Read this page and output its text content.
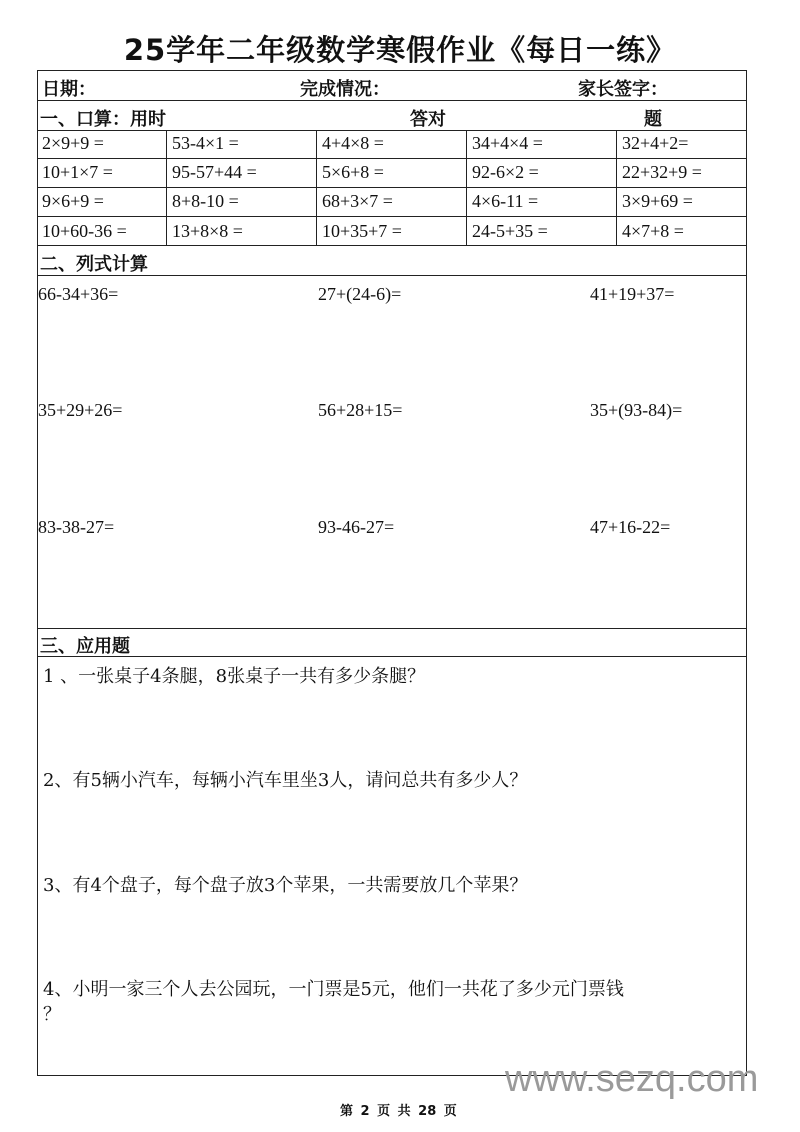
25学年二年级数学寒假作业《每日一练》
日期：	完成情况：	家长签字：
一、口算：用时	答对	题
二、列式计算
三、应用题
1 、一张桌子4条腿，8张桌子一共有多少条腿？
2、有5辆小汽车，每辆小汽车里坐3人，请问总共有多少人？
3、有4个盘子，每个盘子放3个苹果，一共需要放几个苹果？
4、小明一家三个人去公园玩，一门票是5元，他们一共花了多少元门票钱
？
www.sezq.com
第 2 页 共 28 页
2×9+9 =	53-4×1 =	4+4×8 =	34+4×4 =	32+4+2=
10+1×7 =	95-57+44 =	5×6+8 =	92-6×2 =	22+32+9 =
9×6+9 =	8+8-10 =	68+3×7 =	4×6-11 =	3×9+69 =
10+60-36 =	13+8×8 =	10+35+7 =	24-5+35 =	4×7+8 =
66-34+36=	27+(24-6)=	41+19+37=
35+29+26=	56+28+15=	35+(93-84)=
83-38-27=	93-46-27=	47+16-22=
